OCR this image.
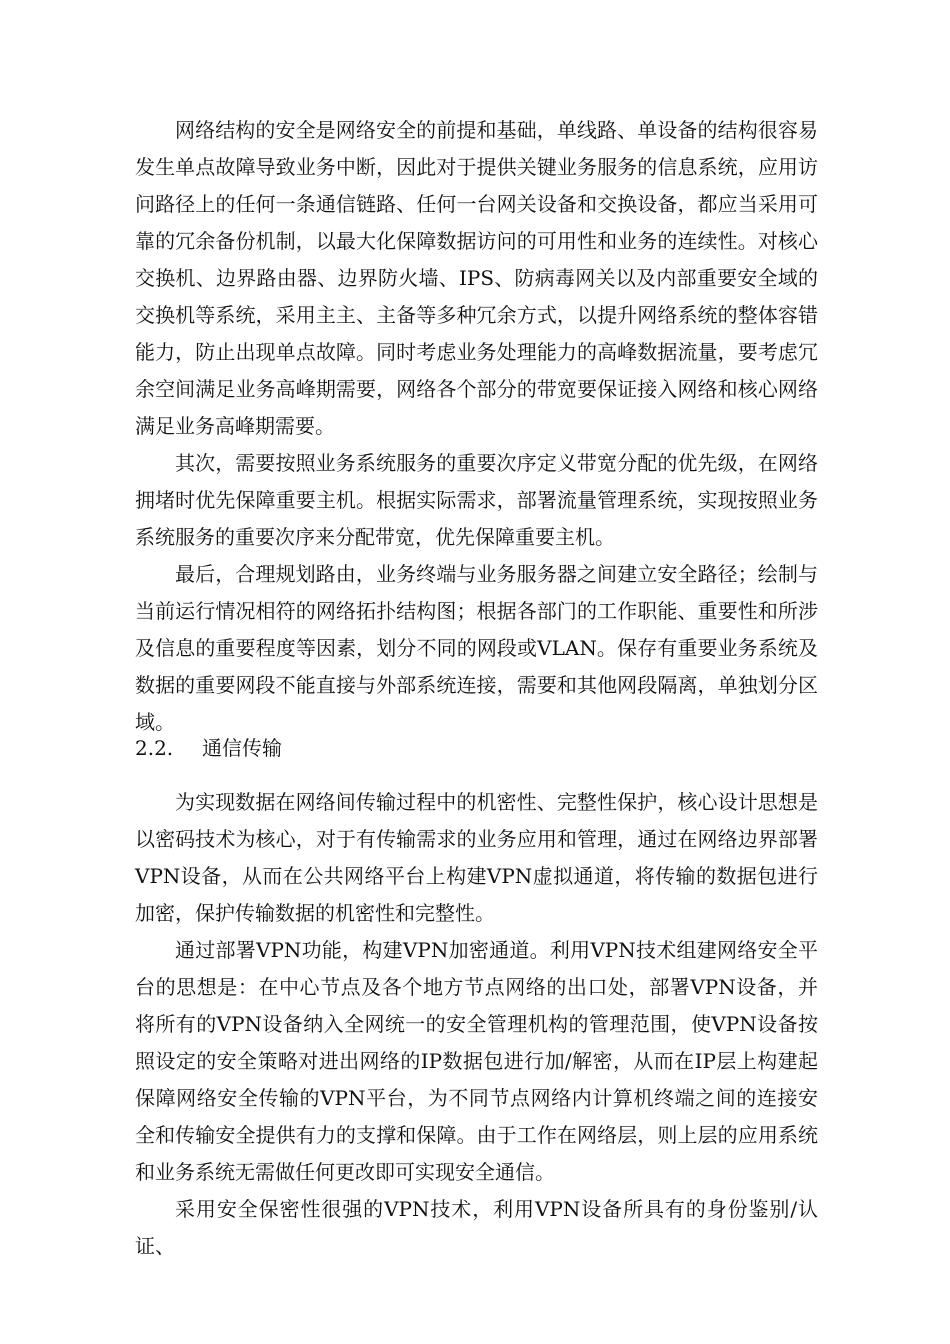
网络结构的安全是网络安全的前提和基础，单线路、单设备的结构很容易发生单点故障导致业务中断，因此对于提供关键业务服务的信息系统，应用访问路径上的任何一条通信链路、任何一台网关设备和交换设备，都应当采用可靠的冗余备份机制，以最大化保障数据访问的可用性和业务的连续性。对核心交换机、边界路由器、边界防火墙、IPS、防病毒网关以及内部重要安全域的交换机等系统，采用主主、主备等多种冗余方式，以提升网络系统的整体容错能力，防止出现单点故障。同时考虑业务处理能力的高峰数据流量，要考虑冗余空间满足业务高峰期需要，网络各个部分的带宽要保证接入网络和核心网络满足业务高峰期需要。

其次，需要按照业务系统服务的重要次序定义带宽分配的优先级，在网络拥堵时优先保障重要主机。根据实际需求，部署流量管理系统，实现按照业务系统服务的重要次序来分配带宽，优先保障重要主机。

最后，合理规划路由，业务终端与业务服务器之间建立安全路径；绘制与当前运行情况相符的网络拓扑结构图；根据各部门的工作职能、重要性和所涉及信息的重要程度等因素，划分不同的网段或VLAN。保存有重要业务系统及数据的重要网段不能直接与外部系统连接，需要和其他网段隔离，单独划分区域。

2.2.	通信传输

为实现数据在网络间传输过程中的机密性、完整性保护，核心设计思想是以密码技术为核心，对于有传输需求的业务应用和管理，通过在网络边界部署VPN设备，从而在公共网络平台上构建VPN虚拟通道，将传输的数据包进行加密，保护传输数据的机密性和完整性。

通过部署VPN功能，构建VPN加密通道。利用VPN技术组建网络安全平台的思想是：在中心节点及各个地方节点网络的出口处，部署VPN设备，并将所有的VPN设备纳入全网统一的安全管理机构的管理范围，使VPN设备按照设定的安全策略对进出网络的IP数据包进行加/解密，从而在IP层上构建起保障网络安全传输的VPN平台，为不同节点网络内计算机终端之间的连接安全和传输安全提供有力的支撑和保障。由于工作在网络层，则上层的应用系统和业务系统无需做任何更改即可实现安全通信。

采用安全保密性很强的VPN技术，利用VPN设备所具有的身份鉴别/认证、
